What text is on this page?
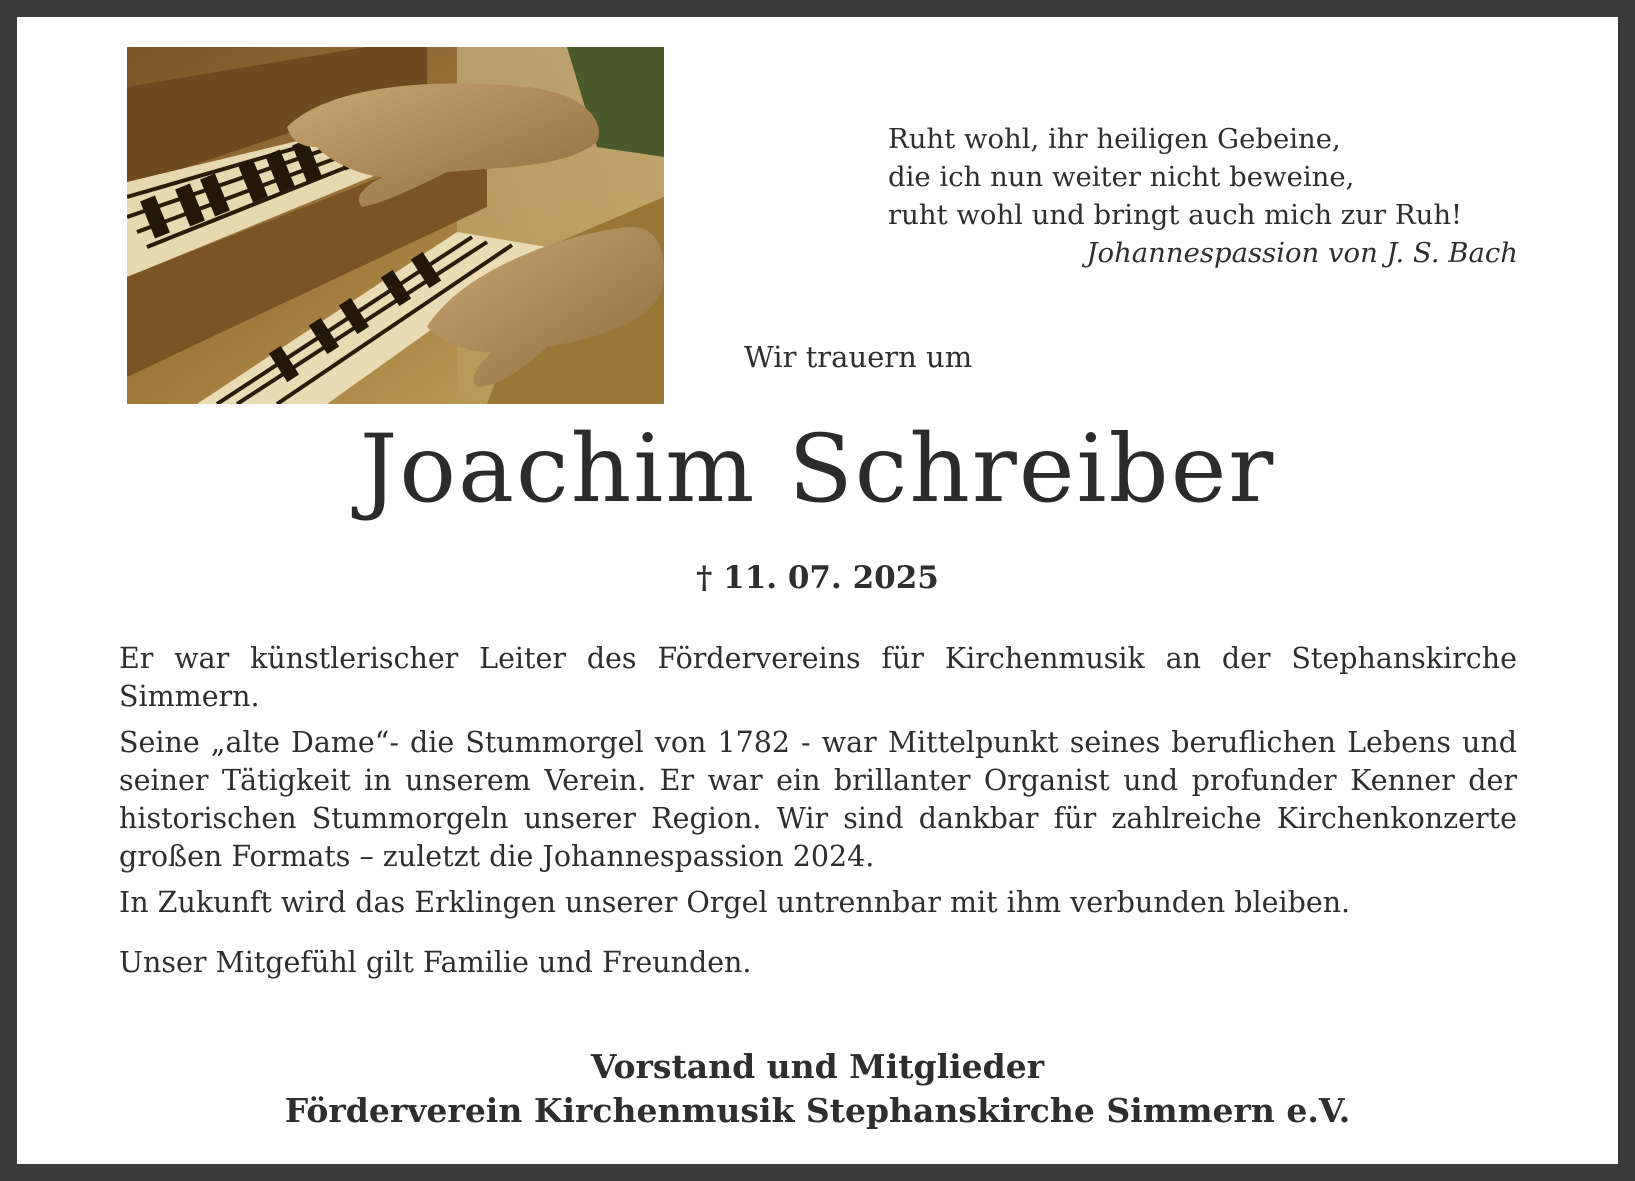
Ruht wohl, ihr heiligen Gebeine,
die ich nun weiter nicht beweine,
ruht wohl und bringt auch mich zur Ruh!
Johannespassion von J. S. Bach
Wir trauern um
Joachim Schreiber
† 11. 07. 2025

Er war künstlerischer Leiter des Fördervereins für Kirchenmusik an der Stephanskirche Simmern.

Seine „alte Dame“- die Stummorgel von 1782 - war Mittelpunkt seines beruflichen Lebens und seiner Tätigkeit in unserem Verein. Er war ein brillanter Organist und profunder Kenner der historischen Stummorgeln unserer Region. Wir sind dankbar für zahlreiche Kirchenkonzerte großen Formats – zuletzt die Johannespassion 2024.

In Zukunft wird das Erklingen unserer Orgel untrennbar mit ihm verbunden bleiben.

Unser Mitgefühl gilt Familie und Freunden.

Vorstand und Mitglieder
Förderverein Kirchenmusik Stephanskirche Simmern e.V.
